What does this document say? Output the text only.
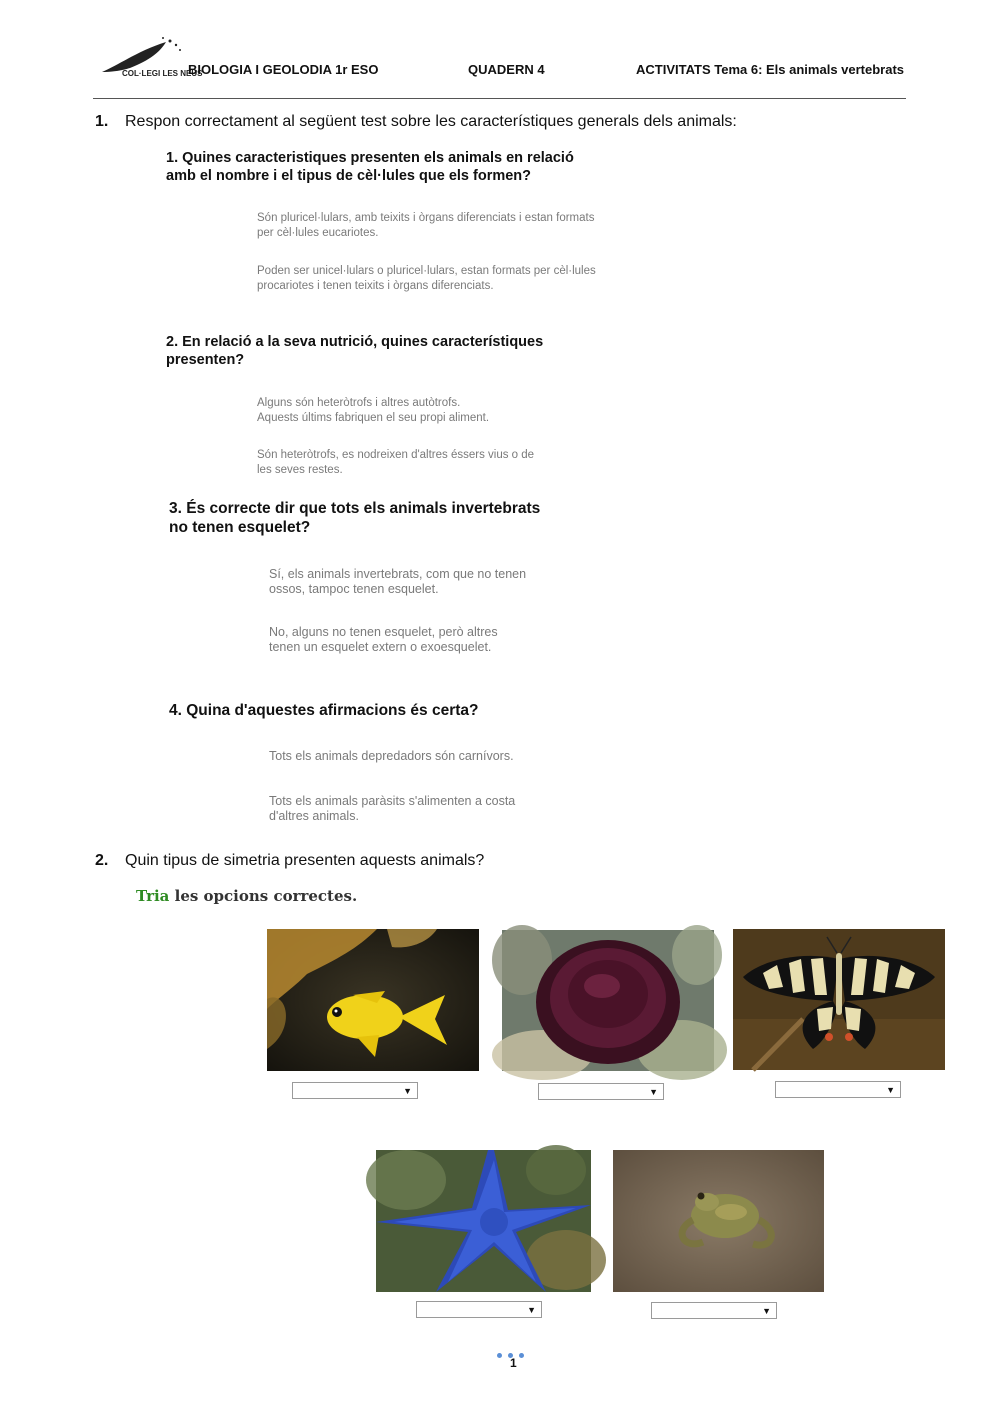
COL·LEGI LES NEUS
BIOLOGIA I GEOLODIA 1r ESO	QUADERN 4	ACTIVITATS Tema 6: Els animals vertebrats
1. Respon correctament al següent test sobre les característiques generals dels animals:
1. Quines caracteristiques presenten els animals en relació
amb el nombre i el tipus de cèl·lules que els formen?
Són pluricel·lulars, amb teixits i òrgans diferenciats i estan formats
per cèl·lules eucariotes.
Poden ser unicel·lulars o pluricel·lulars, estan formats per cèl·lules
procariotes i tenen teixits i òrgans diferenciats.
2. En relació a la seva nutrició, quines característiques
presenten?
Alguns són heteròtrofs i altres autòtrofs.
Aquests últims fabriquen el seu propi aliment.
Són heteròtrofs, es nodreixen d'altres éssers vius o de
les seves restes.
3. És correcte dir que tots els animals invertebrats
no tenen esquelet?
Sí, els animals invertebrats, com que no tenen
ossos, tampoc tenen esquelet.
No, alguns no tenen esquelet, però altres
tenen un esquelet extern o exoesquelet.
4. Quina d'aquestes afirmacions és certa?
Tots els animals depredadors són carnívors.
Tots els animals paràsits s'alimenten a costa
d'altres animals.
2. Quin tipus de simetria presenten aquests animals?
Tria les opcions correctes.
▼	▼	▼
▼	▼
1
